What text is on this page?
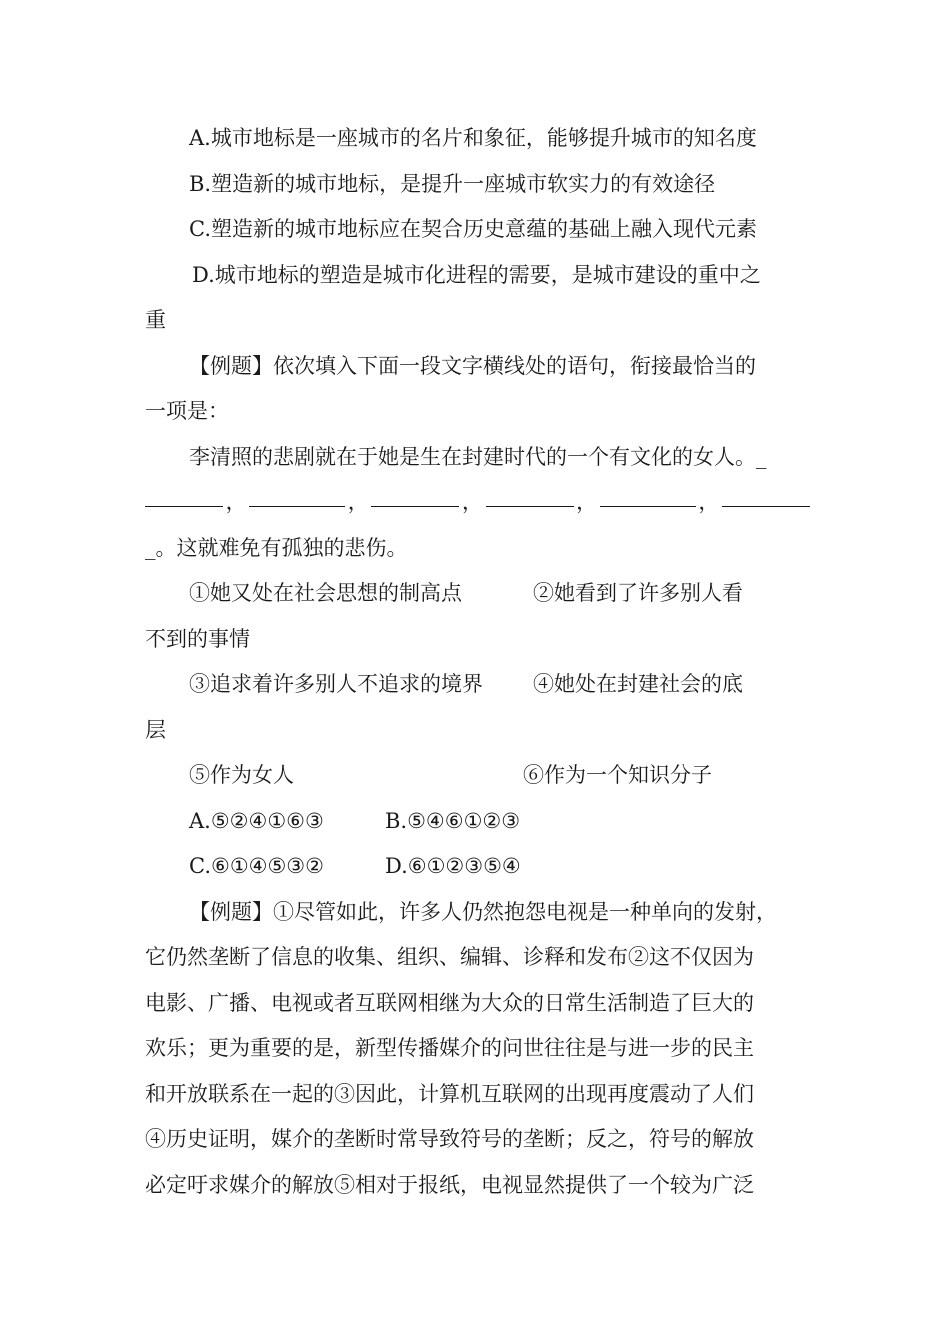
A.城市地标是一座城市的名片和象征，能够提升城市的知名度
B.塑造新的城市地标，是提升一座城市软实力的有效途径
C.塑造新的城市地标应在契合历史意蕴的基础上融入现代元素
D.城市地标的塑造是城市化进程的需要，是城市建设的重中之
重
【例题】依次填入下面一段文字横线处的语句，衔接最恰当的
一项是：
李清照的悲剧就在于她是生在封建时代的一个有文化的女人。_
，	，	，	，	，
_。这就难免有孤独的悲伤。
①她又处在社会思想的制高点	②她看到了许多别人看
不到的事情
③追求着许多别人不追求的境界	④她处在封建社会的底
层
⑤作为女人	⑥作为一个知识分子
A.⑤②④①⑥③	B.⑤④⑥①②③
C.⑥①④⑤③②	D.⑥①②③⑤④
【例题】①尽管如此，许多人仍然抱怨电视是一种单向的发射，
它仍然垄断了信息的收集、组织、编辑、诊释和发布②这不仅因为
电影、广播、电视或者互联网相继为大众的日常生活制造了巨大的
欢乐；更为重要的是，新型传播媒介的问世往往是与进一步的民主
和开放联系在一起的③因此，计算机互联网的出现再度震动了人们
④历史证明，媒介的垄断时常导致符号的垄断；反之，符号的解放
必定吁求媒介的解放⑤相对于报纸，电视显然提供了一个较为广泛
